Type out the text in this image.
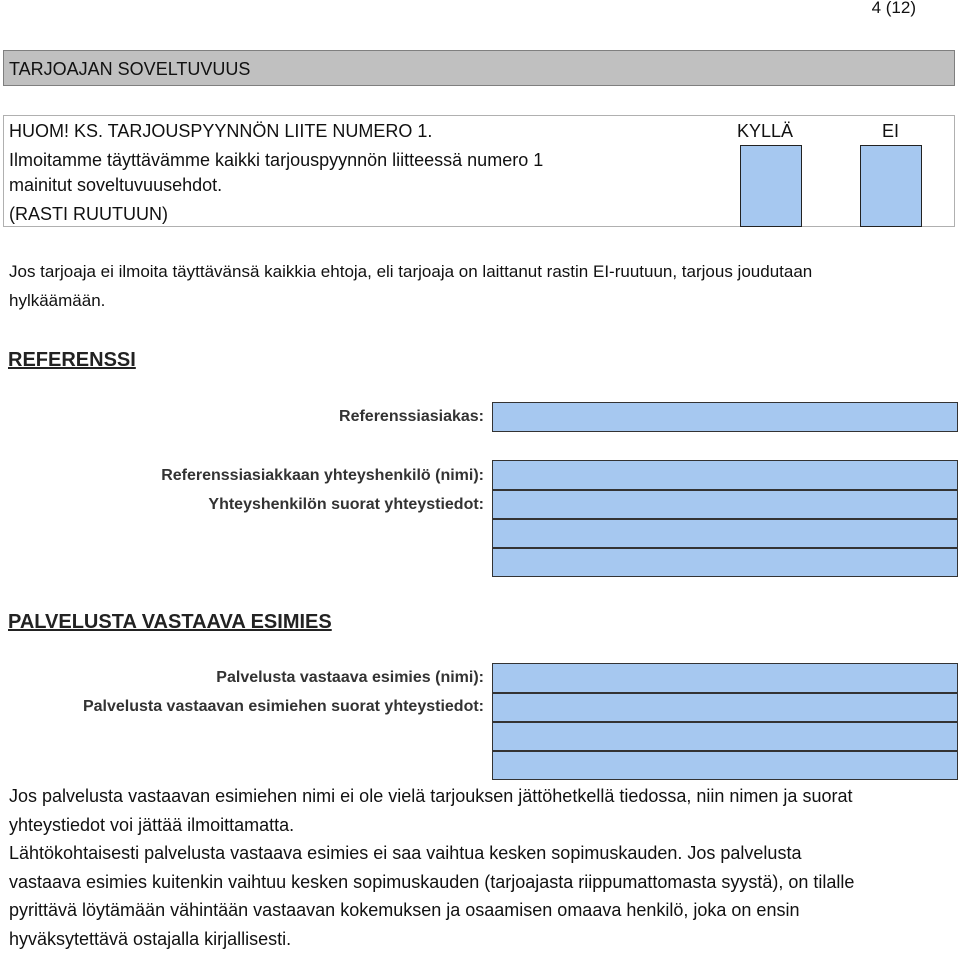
4 (12)
TARJOAJAN SOVELTUVUUS
HUOM! KS. TARJOUSPYYNNÖN LIITE NUMERO 1.
Ilmoitamme täyttävämme kaikki tarjouspyynnön liitteessä numero 1
mainitut soveltuvuusehdot.
(RASTI RUUTUUN)
KYLLÄ	EI
Jos tarjoaja ei ilmoita täyttävänsä kaikkia ehtoja, eli tarjoaja on laittanut rastin EI-ruutuun, tarjous joudutaan
hylkäämään.
REFERENSSI
Referenssiasiakas:
Referenssiasiakkaan yhteyshenkilö (nimi):
Yhteyshenkilön suorat yhteystiedot:
PALVELUSTA VASTAAVA ESIMIES
Palvelusta vastaava esimies (nimi):
Palvelusta vastaavan esimiehen suorat yhteystiedot:
Jos palvelusta vastaavan esimiehen nimi ei ole vielä tarjouksen jättöhetkellä tiedossa, niin nimen ja suorat
yhteystiedot voi jättää ilmoittamatta.
Lähtökohtaisesti palvelusta vastaava esimies ei saa vaihtua kesken sopimuskauden. Jos palvelusta
vastaava esimies kuitenkin vaihtuu kesken sopimuskauden (tarjoajasta riippumattomasta syystä), on tilalle
pyrittävä löytämään vähintään vastaavan kokemuksen ja osaamisen omaava henkilö, joka on ensin
hyväksytettävä ostajalla kirjallisesti.
